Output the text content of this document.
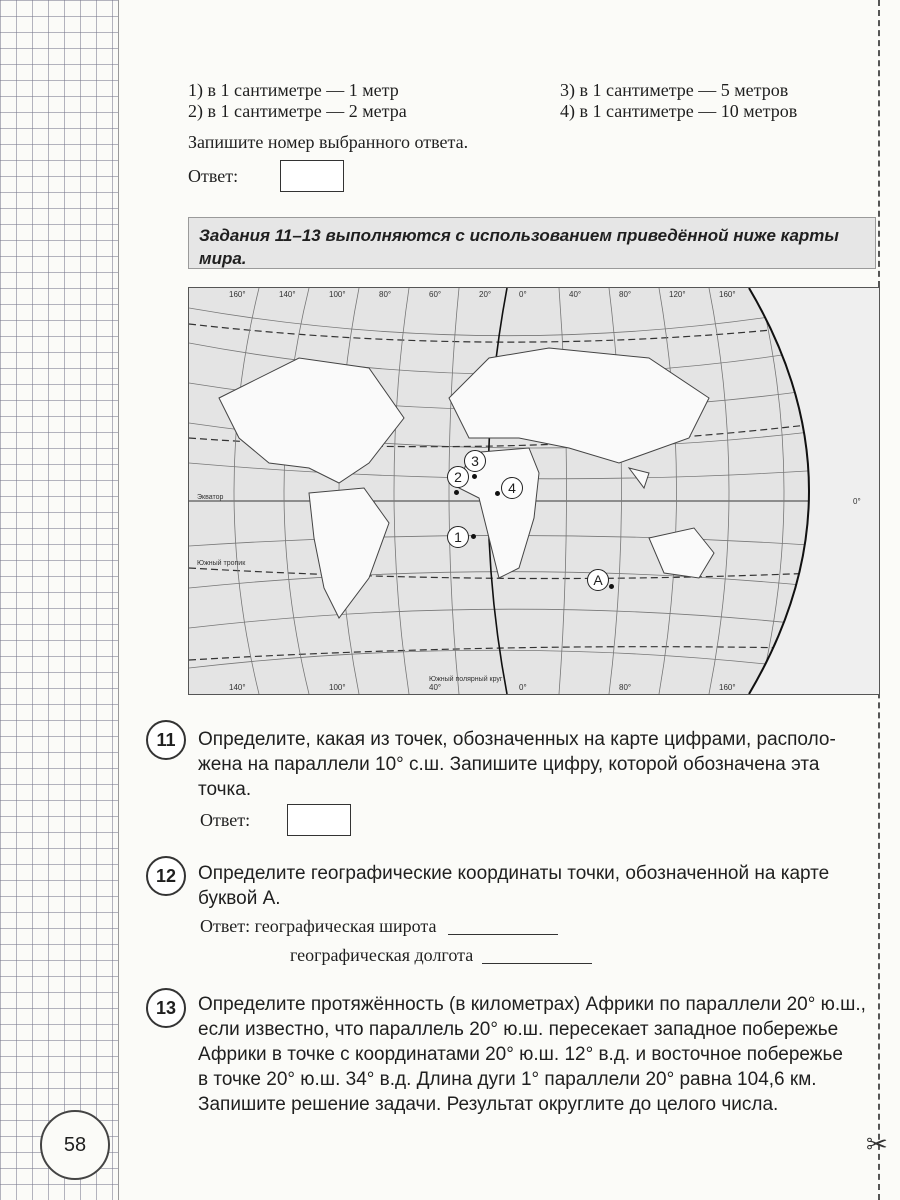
✂
1) в 1 сантиметре — 1 метр
2) в 1 сантиметре — 2 метра
3) в 1 сантиметре — 5 метров
4) в 1 сантиметре — 10 метров
Запишите номер выбранного ответа.
Ответ:
Задания 11–13 выполняются с использованием приведённой ниже карты мира.
160°	140°	100°	80°	60°	20°	0°	40°	80°	120°	160°
140°	100°	40°	0°	80°	160°
0°
Экватор
Южный тропик
Южный полярный круг
2
3
4
1
A
11	Определите, какая из точек, обозначенных на карте цифрами, располо-
жена на параллели 10° с.ш. Запишите цифру, которой обозначена эта
точка.
Ответ:
12	Определите географические координаты точки, обозначенной на карте
буквой А.
Ответ: географическая широта
географическая долгота
13	Определите протяжённость (в километрах) Африки по параллели 20° ю.ш.,
если известно, что параллель 20° ю.ш. пересекает западное побережье
Африки в точке с координатами 20° ю.ш. 12° в.д. и восточное побережье
в точке 20° ю.ш. 34° в.д. Длина дуги 1° параллели 20° равна 104,6 км.
Запишите решение задачи. Результат округлите до целого числа.
58
